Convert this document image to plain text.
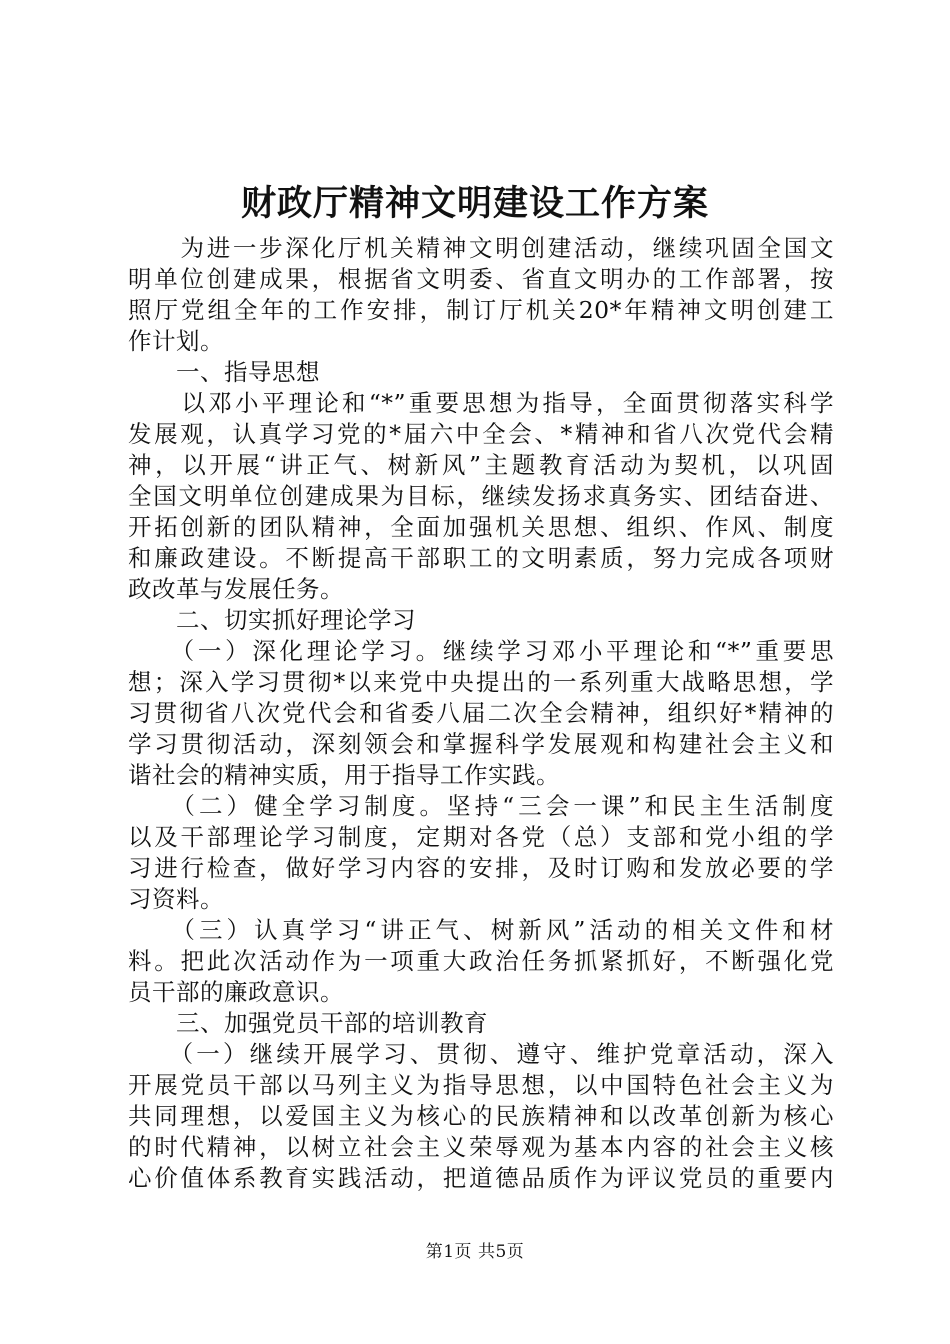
财政厅精神文明建设工作方案
　　为进一步深化厅机关精神文明创建活动，继续巩固全国文
明单位创建成果，根据省文明委、省直文明办的工作部署，按
照厅党组全年的工作安排，制订厅机关20*年精神文明创建工
作计划。
　　一、指导思想
　　以邓小平理论和“*”重要思想为指导，全面贯彻落实科学
发展观，认真学习党的*届六中全会、*精神和省八次党代会精
神，以开展“讲正气、树新风”主题教育活动为契机，以巩固
全国文明单位创建成果为目标，继续发扬求真务实、团结奋进、
开拓创新的团队精神，全面加强机关思想、组织、作风、制度
和廉政建设。不断提高干部职工的文明素质，努力完成各项财
政改革与发展任务。
　　二、切实抓好理论学习
　　（一）深化理论学习。继续学习邓小平理论和“*”重要思
想；深入学习贯彻*以来党中央提出的一系列重大战略思想，学
习贯彻省八次党代会和省委八届二次全会精神，组织好*精神的
学习贯彻活动，深刻领会和掌握科学发展观和构建社会主义和
谐社会的精神实质，用于指导工作实践。
　　（二）健全学习制度。坚持“三会一课”和民主生活制度
以及干部理论学习制度，定期对各党（总）支部和党小组的学
习进行检查，做好学习内容的安排，及时订购和发放必要的学
习资料。
　　（三）认真学习“讲正气、树新风”活动的相关文件和材
料。把此次活动作为一项重大政治任务抓紧抓好，不断强化党
员干部的廉政意识。
　　三、加强党员干部的培训教育
　　（一）继续开展学习、贯彻、遵守、维护党章活动，深入
开展党员干部以马列主义为指导思想，以中国特色社会主义为
共同理想，以爱国主义为核心的民族精神和以改革创新为核心
的时代精神，以树立社会主义荣辱观为基本内容的社会主义核
心价值体系教育实践活动，把道德品质作为评议党员的重要内
第1页 共5页
